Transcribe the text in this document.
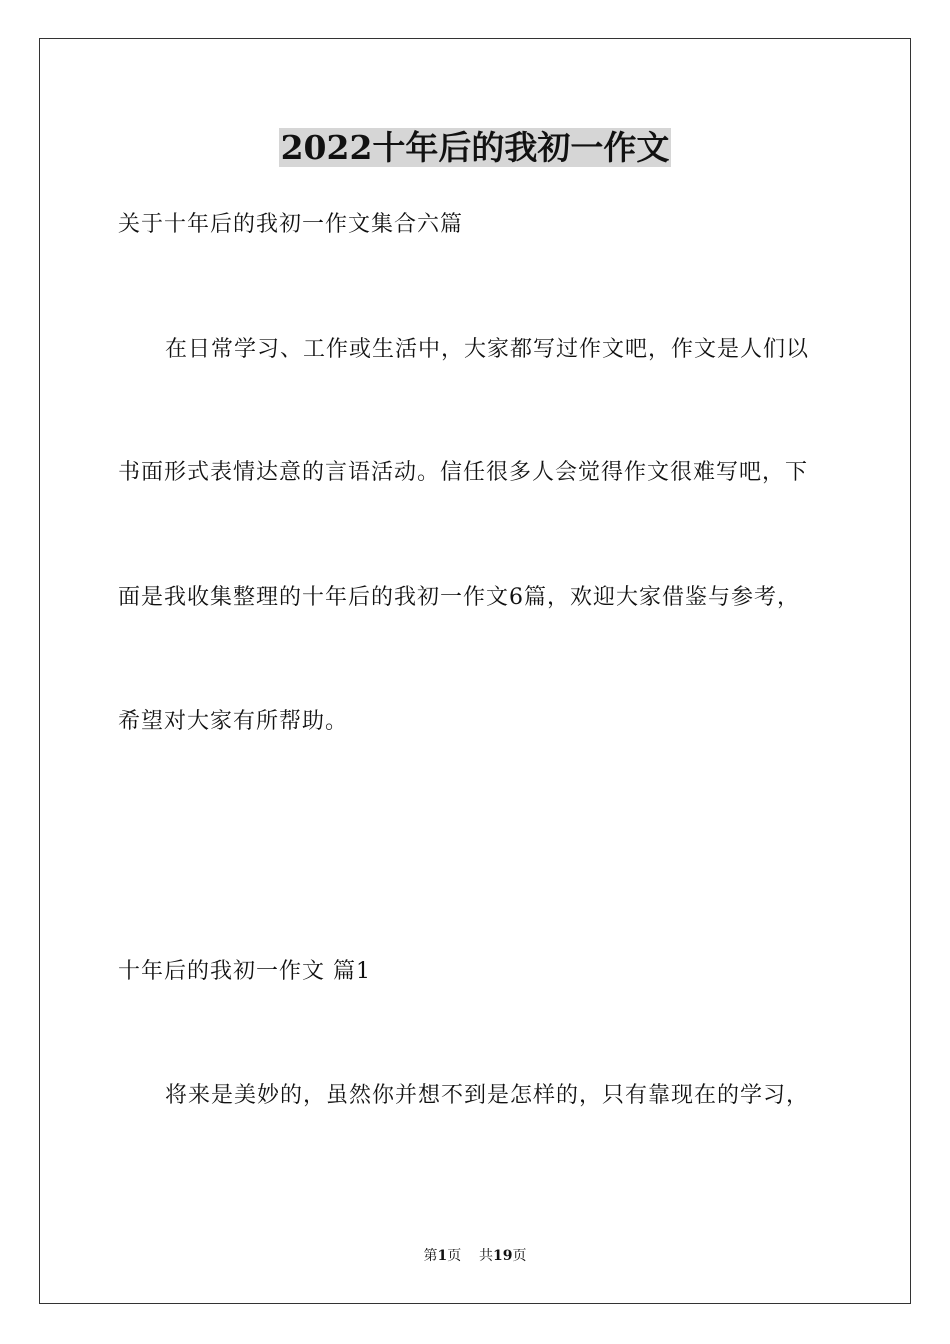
2022十年后的我初一作文
关于十年后的我初一作文集合六篇
在日常学习、工作或生活中，大家都写过作文吧，作文是人们以
书面形式表情达意的言语活动。信任很多人会觉得作文很难写吧，下
面是我收集整理的十年后的我初一作文6篇，欢迎大家借鉴与参考，
希望对大家有所帮助。
十年后的我初一作文 篇1
将来是美妙的，虽然你并想不到是怎样的，只有靠现在的学习，
第1页 共19页
